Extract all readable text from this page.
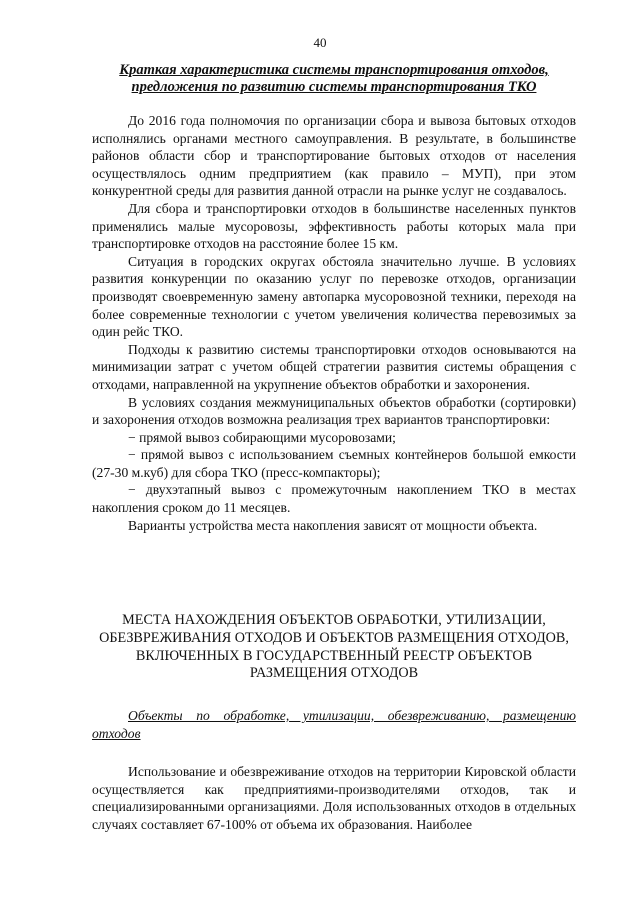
40
Краткая характеристика системы транспортирования отходов, предложения по развитию системы транспортирования ТКО

До 2016 года полномочия по организации сбора и вывоза бытовых отходов исполнялись органами местного самоуправления. В результате, в большинстве районов области сбор и транспортирование бытовых отходов от населения осуществлялось одним предприятием (как правило – МУП), при этом конкурентной среды для развития данной отрасли на рынке услуг не создавалось.

Для сбора и транспортировки отходов в большинстве населенных пунктов применялись малые мусоровозы, эффективность работы которых мала при транспортировке отходов на расстояние более 15 км.

Ситуация в городских округах обстояла значительно лучше. В условиях развития конкуренции по оказанию услуг по перевозке отходов, организации производят своевременную замену автопарка мусоровозной техники, переходя на более современные технологии с учетом увеличения количества перевозимых за один рейс ТКО.

Подходы к развитию системы транспортировки отходов основываются на минимизации затрат с учетом общей стратегии развития системы обращения с отходами, направленной на укрупнение объектов обработки и захоронения.

В условиях создания межмуниципальных объектов обработки (сортировки) и захоронения отходов возможна реализация трех вариантов транспортировки:

− прямой вывоз собирающими мусоровозами;

− прямой вывоз с использованием съемных контейнеров большой емкости (27-30 м.куб) для сбора ТКО (пресс-компакторы);

− двухэтапный вывоз с промежуточным накоплением ТКО в местах накопления сроком до 11 месяцев.

Варианты устройства места накопления зависят от мощности объекта.

МЕСТА НАХОЖДЕНИЯ ОБЪЕКТОВ ОБРАБОТКИ, УТИЛИЗАЦИИ, ОБЕЗВРЕЖИВАНИЯ ОТХОДОВ И ОБЪЕКТОВ РАЗМЕЩЕНИЯ ОТХОДОВ, ВКЛЮЧЕННЫХ В ГОСУДАРСТВЕННЫЙ РЕЕСТР ОБЪЕКТОВ РАЗМЕЩЕНИЯ ОТХОДОВ
Объекты по обработке, утилизации, обезвреживанию, размещению отходов

Использование и обезвреживание отходов на территории Кировской области осуществляется как предприятиями-производителями отходов, так и специализированными организациями. Доля использованных отходов в отдельных случаях составляет 67-100% от объема их образования. Наиболее
